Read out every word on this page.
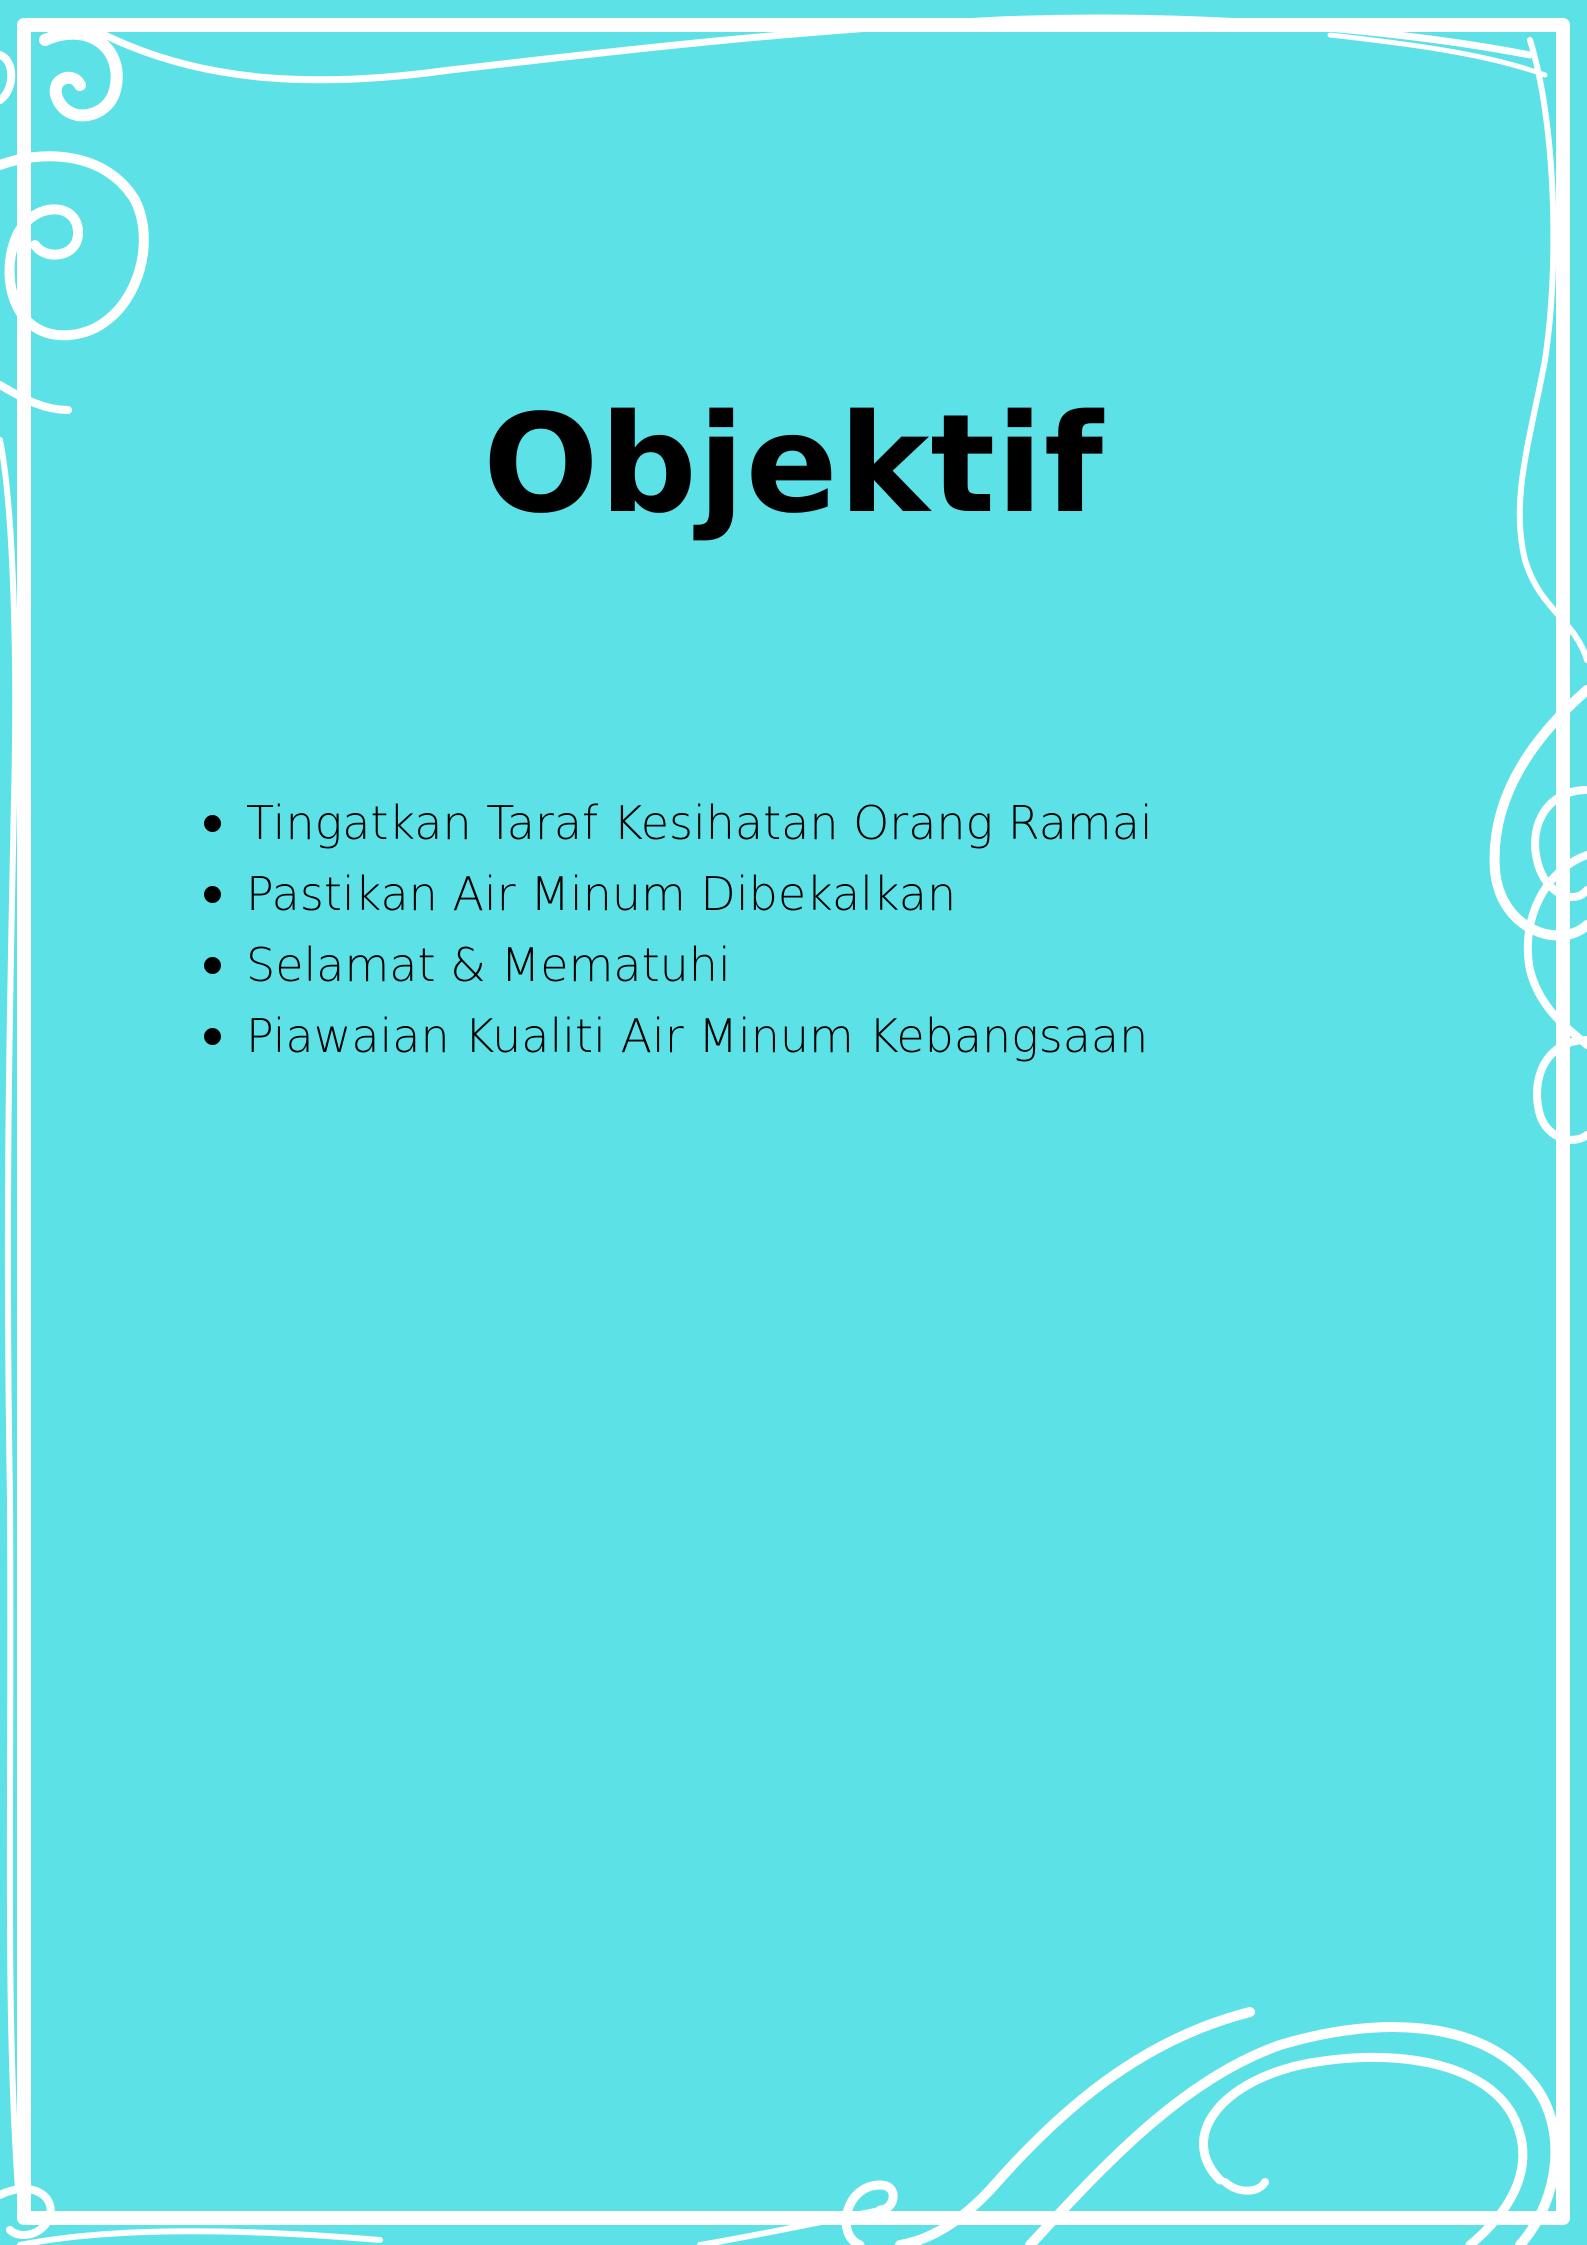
Objektif
Tingatkan Taraf Kesihatan Orang Ramai
Pastikan Air Minum Dibekalkan
Selamat & Mematuhi
Piawaian Kualiti Air Minum Kebangsaan
